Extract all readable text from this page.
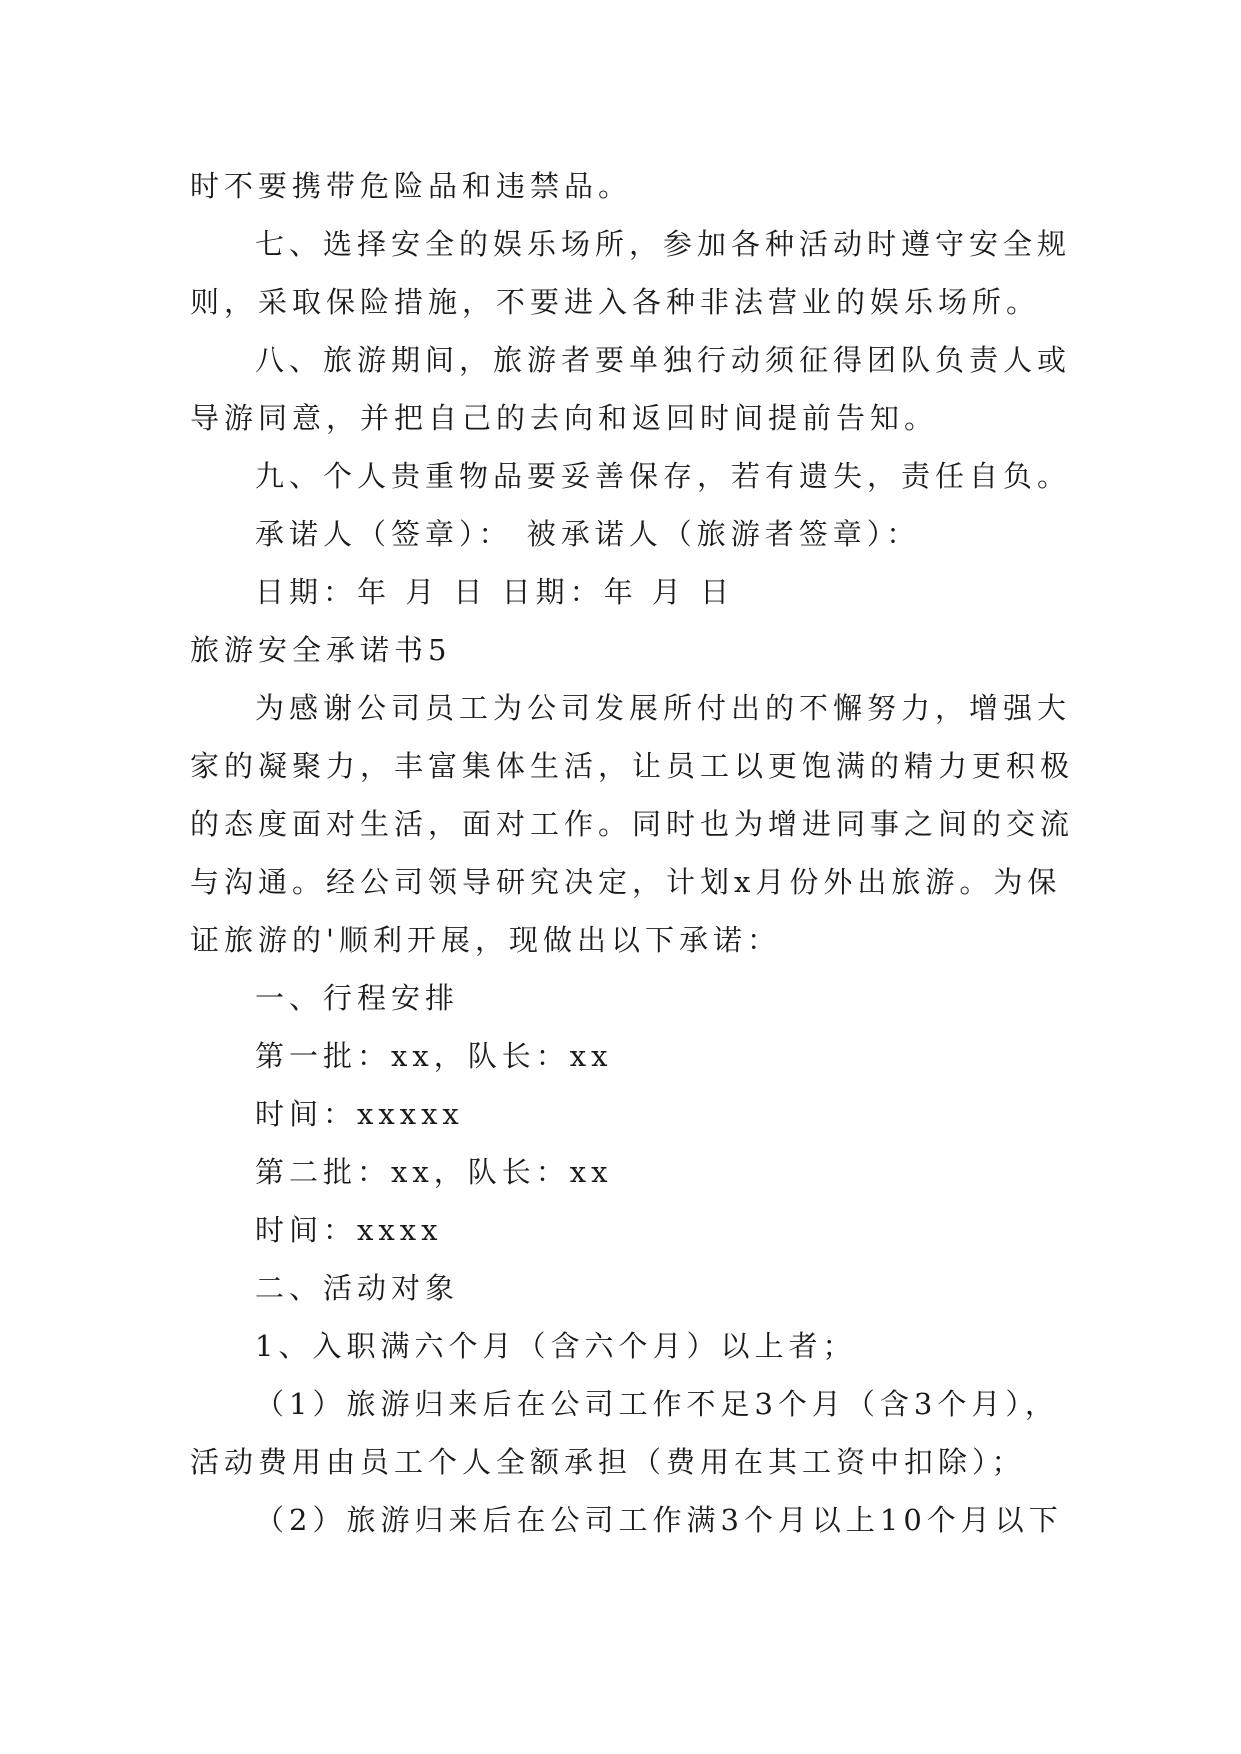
时不要携带危险品和违禁品。
七、选择安全的娱乐场所，参加各种活动时遵守安全规
则，采取保险措施，不要进入各种非法营业的娱乐场所。
八、旅游期间，旅游者要单独行动须征得团队负责人或
导游同意，并把自己的去向和返回时间提前告知。
九、个人贵重物品要妥善保存，若有遗失，责任自负。
承诺人（签章）： 被承诺人（旅游者签章）：
日期：年 月 日 日期：年 月 日
旅游安全承诺书5
为感谢公司员工为公司发展所付出的不懈努力，增强大
家的凝聚力，丰富集体生活，让员工以更饱满的精力更积极
的态度面对生活，面对工作。同时也为增进同事之间的交流
与沟通。经公司领导研究决定，计划x月份外出旅游。为保
证旅游的'顺利开展，现做出以下承诺：
一、行程安排
第一批：xx，队长：xx
时间：xxxxx
第二批：xx，队长：xx
时间：xxxx
二、活动对象
1、入职满六个月（含六个月）以上者；
（1）旅游归来后在公司工作不足3个月（含3个月），
活动费用由员工个人全额承担（费用在其工资中扣除）；
（2）旅游归来后在公司工作满3个月以上10个月以下
